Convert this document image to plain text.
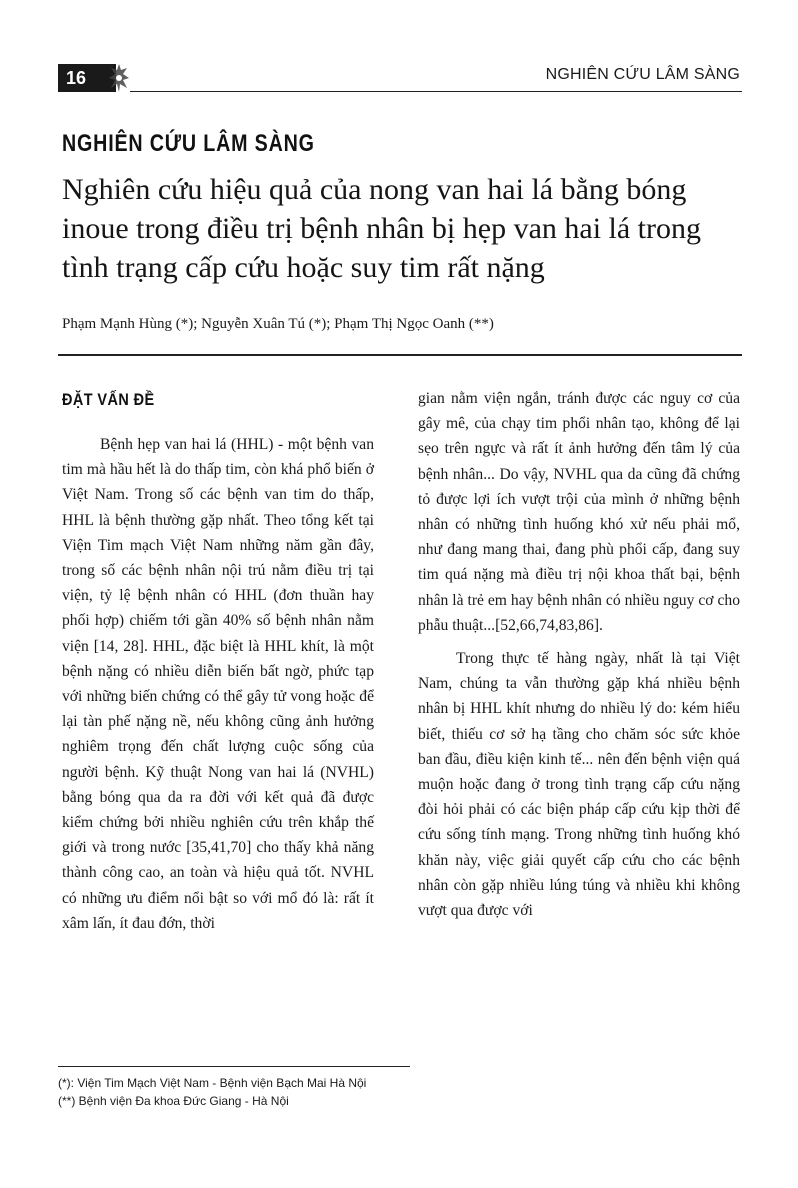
16	NGHIÊN CỨU LÂM SÀNG
NGHIÊN CỨU LÂM SÀNG
Nghiên cứu hiệu quả của nong van hai lá bằng bóng inoue trong điều trị bệnh nhân bị hẹp van hai lá trong tình trạng cấp cứu hoặc suy tim rất nặng
Phạm Mạnh Hùng (*); Nguyễn Xuân Tú (*); Phạm Thị Ngọc Oanh (**)
ĐẶT VẤN ĐỀ

Bệnh hẹp van hai lá (HHL) - một bệnh van tim mà hầu hết là do thấp tim, còn khá phổ biến ở Việt Nam. Trong số các bệnh van tim do thấp, HHL là bệnh thường gặp nhất. Theo tổng kết tại Viện Tim mạch Việt Nam những năm gần đây, trong số các bệnh nhân nội trú nằm điều trị tại viện, tỷ lệ bệnh nhân có HHL (đơn thuần hay phối hợp) chiếm tới gần 40% số bệnh nhân nằm viện [14, 28]. HHL, đặc biệt là HHL khít, là một bệnh nặng có nhiều diễn biến bất ngờ, phức tạp với những biến chứng có thể gây tử vong hoặc để lại tàn phế nặng nề, nếu không cũng ảnh hưởng nghiêm trọng đến chất lượng cuộc sống của người bệnh. Kỹ thuật Nong van hai lá (NVHL) bằng bóng qua da ra đời với kết quả đã được kiểm chứng bởi nhiều nghiên cứu trên khắp thế giới và trong nước [35,41,70] cho thấy khả năng thành công cao, an toàn và hiệu quả tốt. NVHL có những ưu điểm nổi bật so với mổ đó là: rất ít xâm lấn, ít đau đớn, thời

gian nằm viện ngắn, tránh được các nguy cơ của gây mê, của chạy tim phổi nhân tạo, không để lại sẹo trên ngực và rất ít ảnh hưởng đến tâm lý của bệnh nhân... Do vậy, NVHL qua da cũng đã chứng tỏ được lợi ích vượt trội của mình ở những bệnh nhân có những tình huống khó xử nếu phải mổ, như đang mang thai, đang phù phổi cấp, đang suy tim quá nặng mà điều trị nội khoa thất bại, bệnh nhân là trẻ em hay bệnh nhân có nhiều nguy cơ cho phẫu thuật...[52,66,74,83,86].

Trong thực tế hàng ngày, nhất là tại Việt Nam, chúng ta vẫn thường gặp khá nhiều bệnh nhân bị HHL khít nhưng do nhiều lý do: kém hiểu biết, thiếu cơ sở hạ tầng cho chăm sóc sức khỏe ban đầu, điều kiện kinh tế... nên đến bệnh viện quá muộn hoặc đang ở trong tình trạng cấp cứu nặng đòi hỏi phải có các biện pháp cấp cứu kịp thời để cứu sống tính mạng. Trong những tình huống khó khăn này, việc giải quyết cấp cứu cho các bệnh nhân còn gặp nhiều lúng túng và nhiều khi không vượt qua được với

(*): Viện Tim Mạch Việt Nam - Bệnh viện Bạch Mai Hà Nội
(**) Bệnh viện Đa khoa Đức Giang - Hà Nội
